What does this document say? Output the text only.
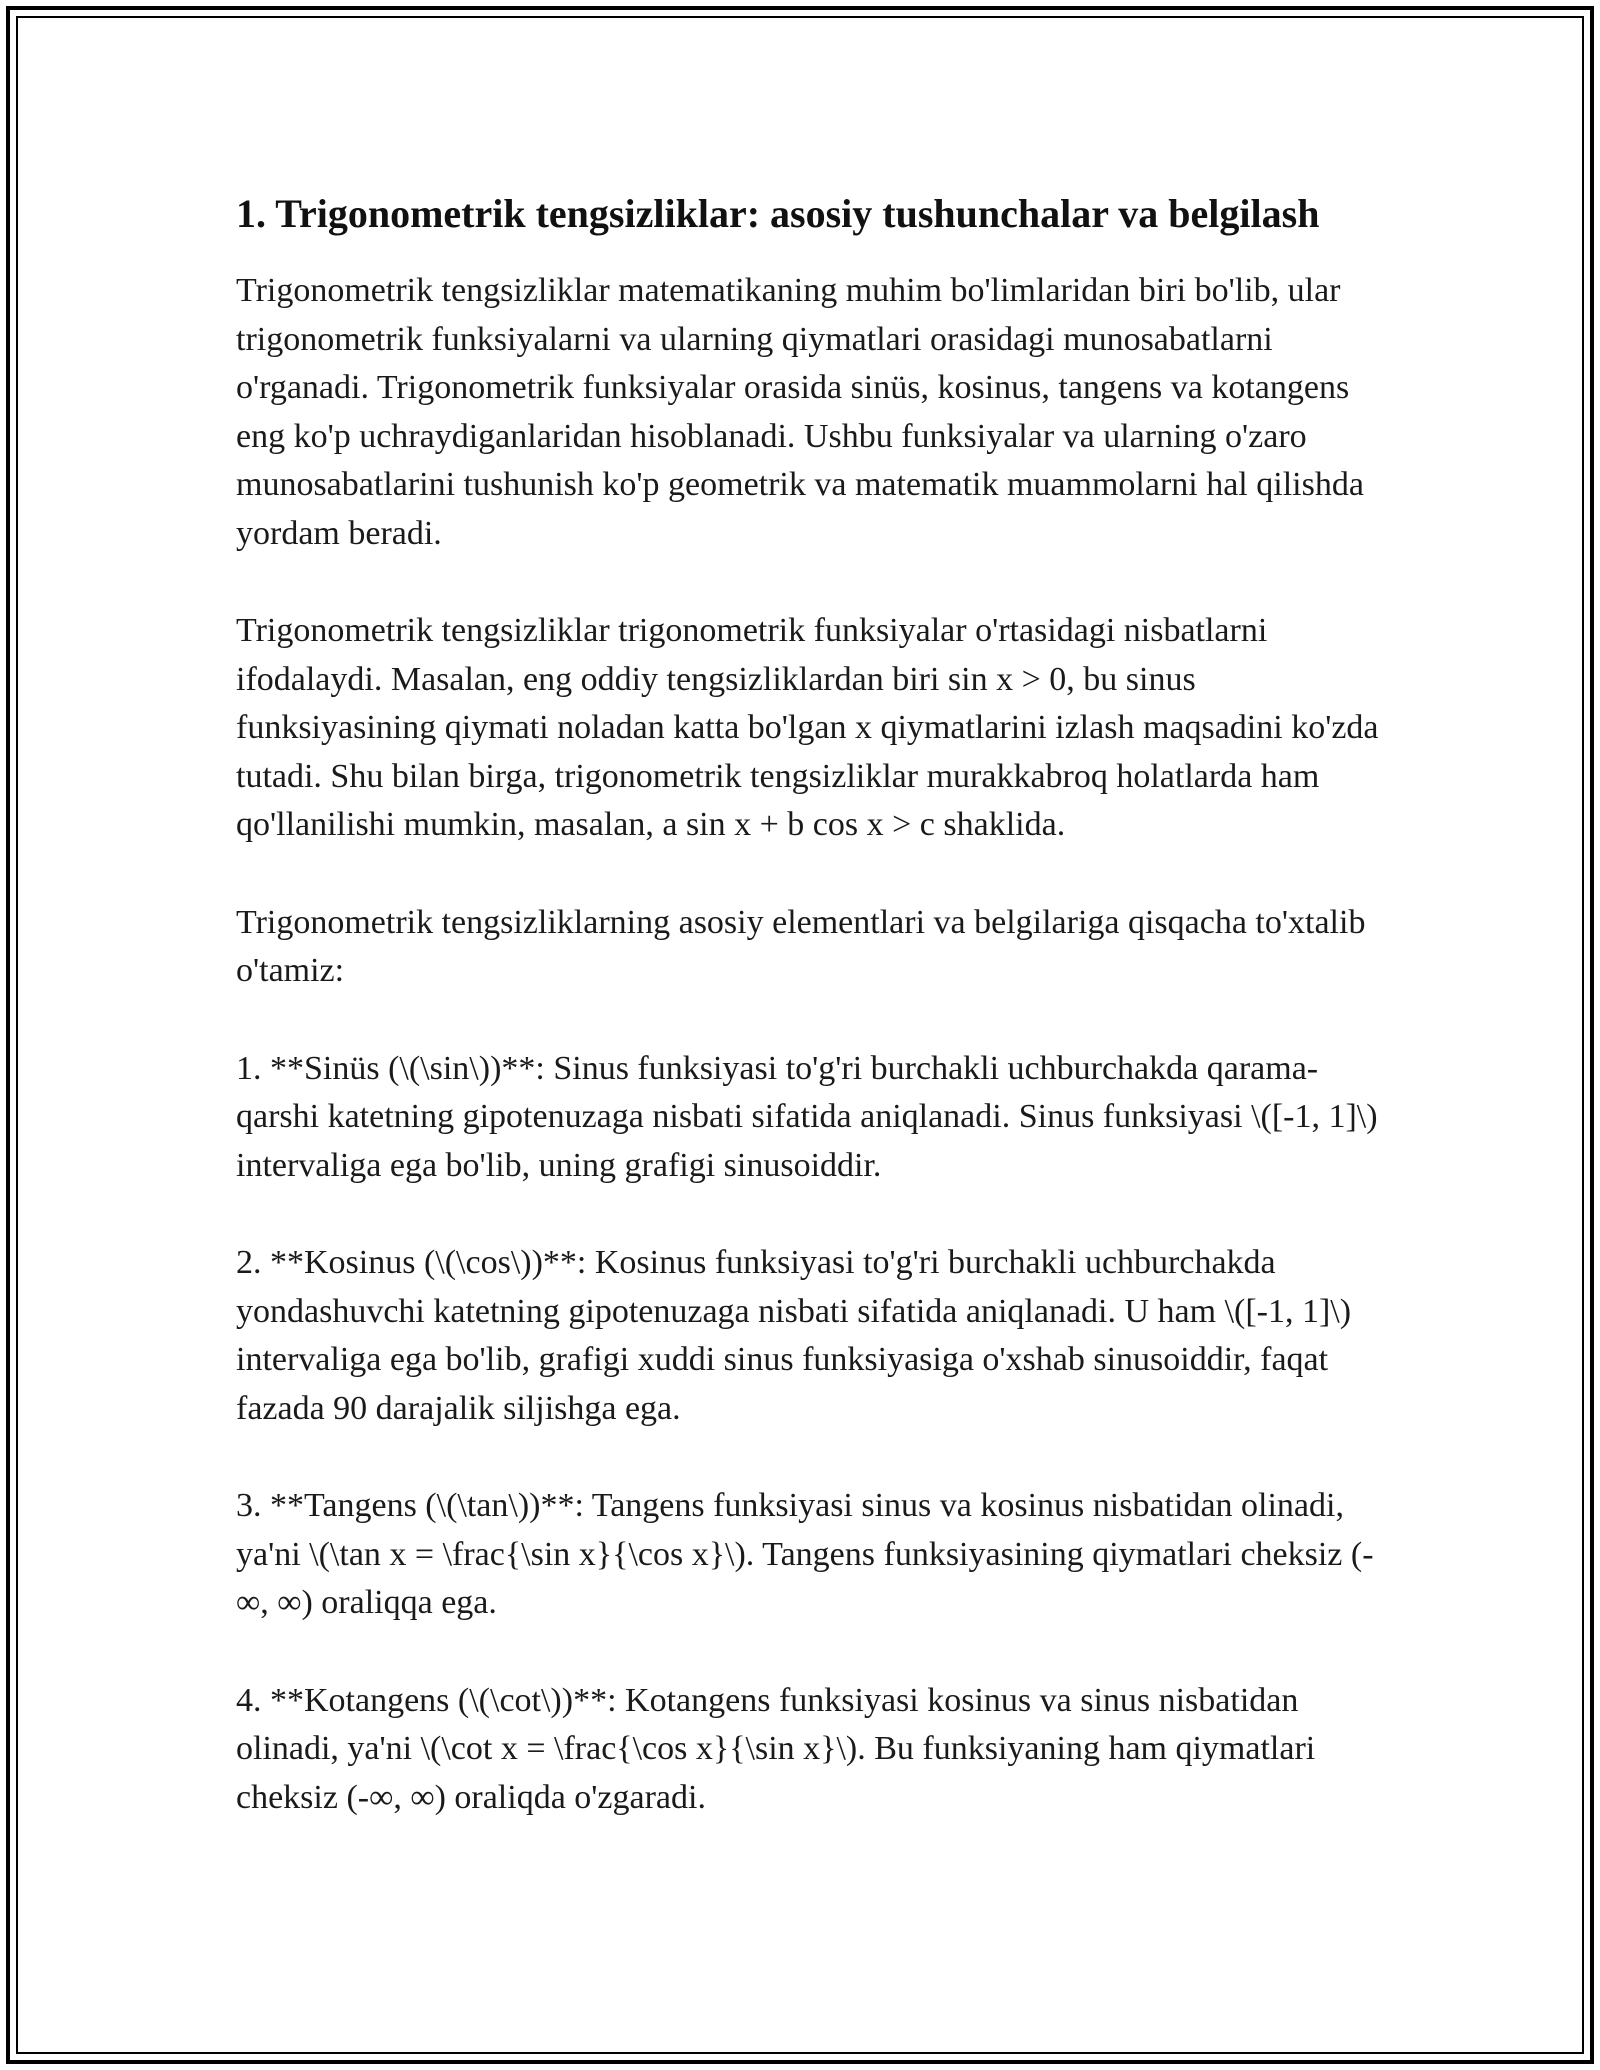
1. Trigonometrik tengsizliklar: asosiy tushunchalar va belgilash

Trigonometrik tengsizliklar matematikaning muhim bo'limlaridan biri bo'lib, ular trigonometrik funksiyalarni va ularning qiymatlari orasidagi munosabatlarni o'rganadi. Trigonometrik funksiyalar orasida sinüs, kosinus, tangens va kotangens eng ko'p uchraydiganlaridan hisoblanadi. Ushbu funksiyalar va ularning o'zaro munosabatlarini tushunish ko'p geometrik va matematik muammolarni hal qilishda yordam beradi.

Trigonometrik tengsizliklar trigonometrik funksiyalar o'rtasidagi nisbatlarni ifodalaydi. Masalan, eng oddiy tengsizliklardan biri sin x > 0, bu sinus funksiyasining qiymati noladan katta bo'lgan x qiymatlarini izlash maqsadini ko'zda tutadi. Shu bilan birga, trigonometrik tengsizliklar murakkabroq holatlarda ham qo'llanilishi mumkin, masalan, a sin x + b cos x > c shaklida.

Trigonometrik tengsizliklarning asosiy elementlari va belgilariga qisqacha to'xtalib o'tamiz:

1. **Sinüs (\(\sin\))**: Sinus funksiyasi to'g'ri burchakli uchburchakda qarama-qarshi katetning gipotenuzaga nisbati sifatida aniqlanadi. Sinus funksiyasi \([-1, 1]\) intervaliga ega bo'lib, uning grafigi sinusoiddir.

2. **Kosinus (\(\cos\))**: Kosinus funksiyasi to'g'ri burchakli uchburchakda yondashuvchi katetning gipotenuzaga nisbati sifatida aniqlanadi. U ham \([-1, 1]\) intervaliga ega bo'lib, grafigi xuddi sinus funksiyasiga o'xshab sinusoiddir, faqat fazada 90 darajalik siljishga ega.

3. **Tangens (\(\tan\))**: Tangens funksiyasi sinus va kosinus nisbatidan olinadi, ya'ni \(\tan x = \frac{\sin x}{\cos x}\). Tangens funksiyasining qiymatlari cheksiz (-∞, ∞) oraliqqa ega.

4. **Kotangens (\(\cot\))**: Kotangens funksiyasi kosinus va sinus nisbatidan olinadi, ya'ni \(\cot x = \frac{\cos x}{\sin x}\). Bu funksiyaning ham qiymatlari cheksiz (-∞, ∞) oraliqda o'zgaradi.
